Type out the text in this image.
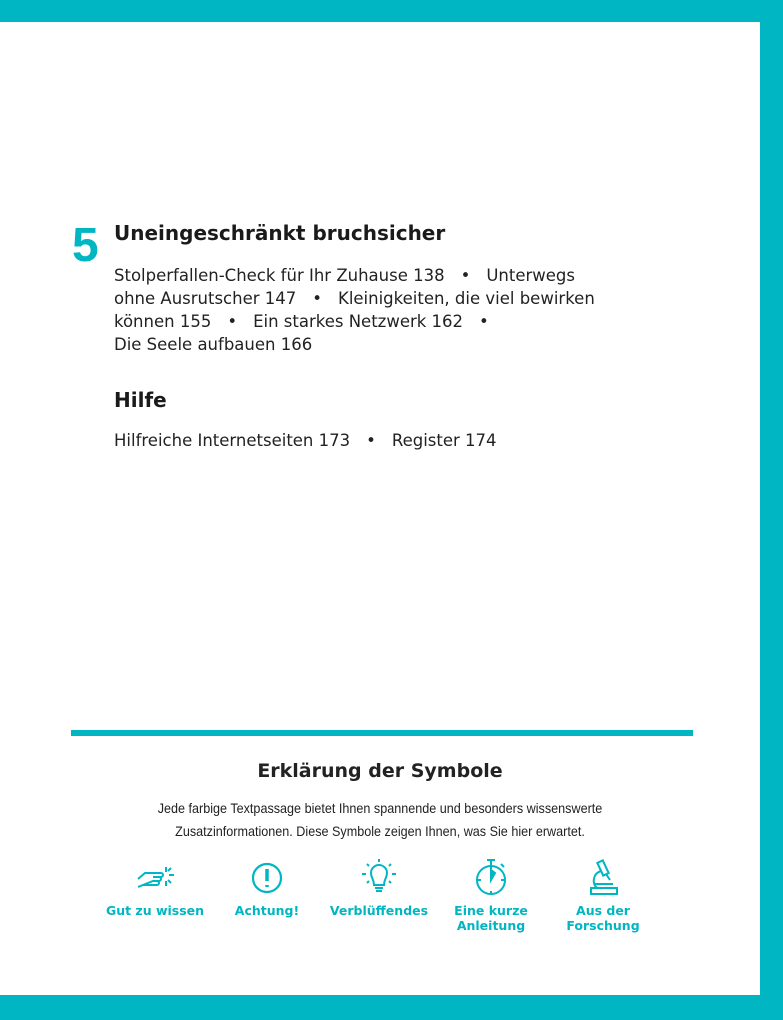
5 Uneingeschränkt bruchsicher
Stolperfallen-Check für Ihr Zuhause 138 • Unterwegs
ohne Ausrutscher 147 • Kleinigkeiten, die viel bewirken
können 155 • Ein starkes Netzwerk 162 •
Die Seele aufbauen 166
Hilfe
Hilfreiche Internetseiten 173 • Register 174
Erklärung der Symbole
Jede farbige Textpassage bietet Ihnen spannende und besonders wissenswerte
Zusatzinformationen. Diese Symbole zeigen Ihnen, was Sie hier erwartet.
Gut zu wissen	Achtung!	Verblüffendes	Eine kurze Anleitung
Aus der Forschung
